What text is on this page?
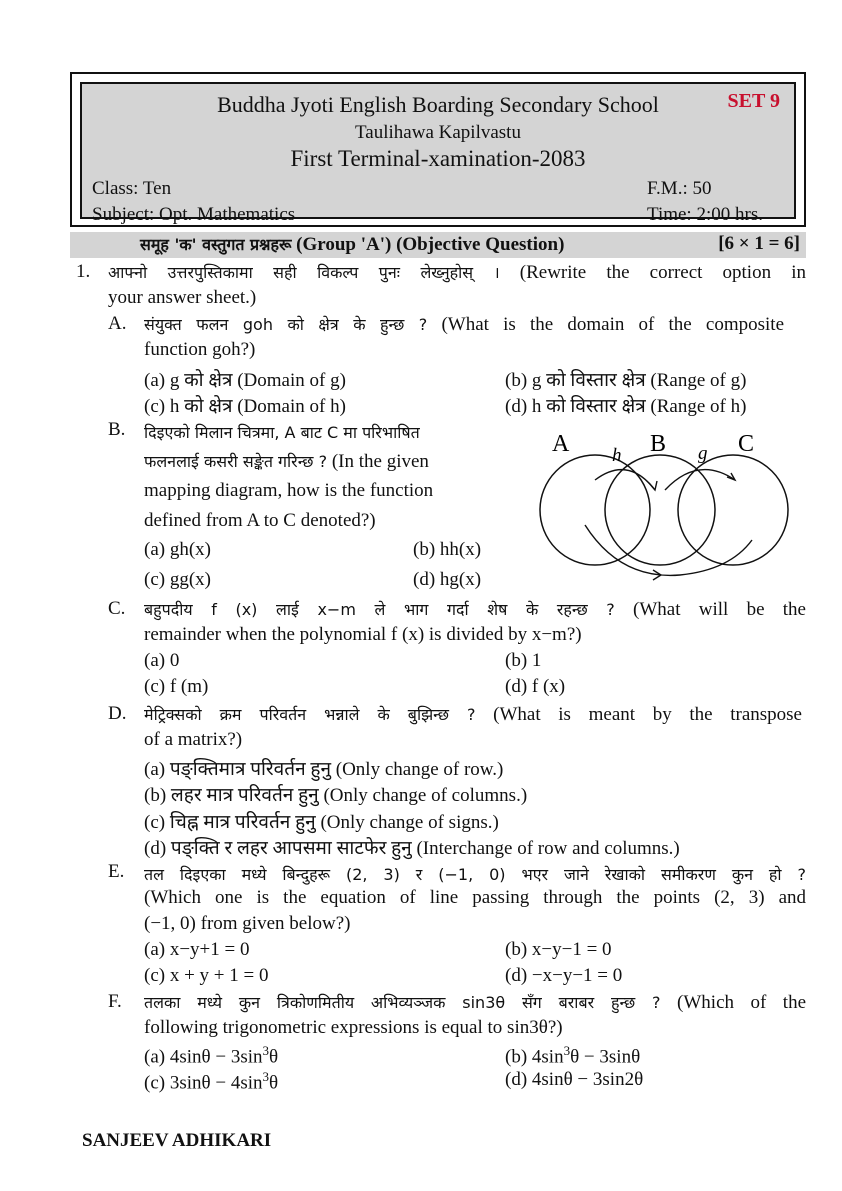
Buddha Jyoti English Boarding Secondary School	SET 9
Taulihawa Kapilvastu
First Terminal-xamination-2083
Class: Ten
Subject: Opt. Mathematics
F.M.: 50
Time: 2:00 hrs.
समूह 'क' वस्तुगत प्रश्नहरू (Group 'A') (Objective Question)	[6 × 1 = 6]
1. आफ्नो उत्तरपुस्तिकामा सही विकल्प पुनः लेख्नुहोस् । (Rewrite the correct option in
your answer sheet.)
A. संयुक्त फलन goh को क्षेत्र के हुन्छ ? (What is the domain of the composite
function goh?)
(a) g को क्षेत्र (Domain of g)	(b) g को विस्तार क्षेत्र (Range of g)
(c) h को क्षेत्र (Domain of h)	(d) h को विस्तार क्षेत्र (Range of h)
B. दिइएको मिलान चित्रमा, A बाट C मा परिभाषित
फलनलाई कसरी सङ्केत गरिन्छ ? (In the given
mapping diagram, how is the function
defined from A to C denoted?)
(a) gh(x)	(b) hh(x)
(c) gg(x)	(d) hg(x)
A	B	C
h	g
C. बहुपदीय f (x) लाई x−m ले भाग गर्दा शेष के रहन्छ ? (What will be the
remainder when the polynomial f (x) is divided by x−m?)
(a) 0	(b) 1
(c) f (m)	(d) f (x)
D. मेट्रिक्सको क्रम परिवर्तन भन्नाले के बुझिन्छ ? (What is meant by the transpose
of a matrix?)
(a) पङ्क्तिमात्र परिवर्तन हुनु (Only change of row.)
(b) लहर मात्र परिवर्तन हुनु (Only change of columns.)
(c) चिह्न मात्र परिवर्तन हुनु (Only change of signs.)
(d) पङ्क्ति र लहर आपसमा साटफेर हुनु (Interchange of row and columns.)
E. तल दिइएका मध्ये बिन्दुहरू (2, 3) र (−1, 0) भएर जाने रेखाको समीकरण कुन हो ?
(Which one is the equation of line passing through the points (2, 3) and
(−1, 0) from given below?)
(a) x−y+1 = 0	(b) x−y−1 = 0
(c) x + y + 1 = 0	(d) −x−y−1 = 0
F. तलका मध्ये कुन त्रिकोणमितीय अभिव्यञ्जक sin3θ सँग बराबर हुन्छ ? (Which of the
following trigonometric expressions is equal to sin3θ?)
(a) $4\sin\theta - 3\sin^3\theta$	(b) $4\sin^3\theta - 3\sin\theta$
(c) $3\sin\theta - 4\sin^3\theta$	(d) 4sinθ − 3sin2θ
SANJEEV ADHIKARI
